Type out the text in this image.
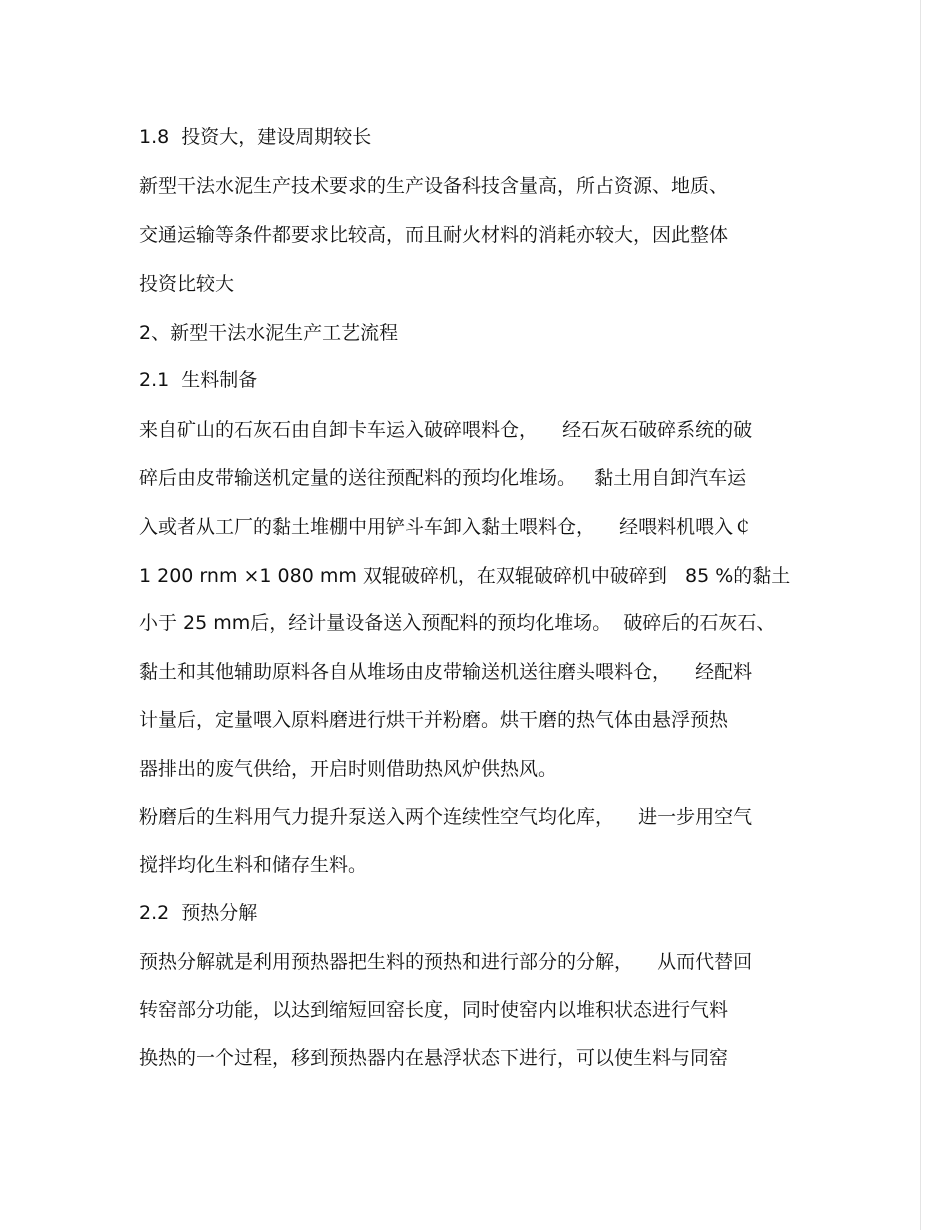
1.8  投资大，建设周期较长
新型干法水泥生产技术要求的生产设备科技含量高，所占资源、地质、
交通运输等条件都要求比较高，而且耐火材料的消耗亦较大，因此整体
投资比较大
2、新型干法水泥生产工艺流程
2.1  生料制备
来自矿山的石灰石由自卸卡车运入破碎喂料仓，    经石灰石破碎系统的破
碎后由皮带输送机定量的送往预配料的预均化堆场。   黏土用自卸汽车运
入或者从工厂的黏土堆棚中用铲斗车卸入黏土喂料仓，    经喂料机喂入￠
1 200 rnm ×1 080 mm 双辊破碎机，在双辊破碎机中破碎到   85 %的黏土
小于 25 mm后，经计量设备送入预配料的预均化堆场。  破碎后的石灰石、
黏土和其他辅助原料各自从堆场由皮带输送机送往磨头喂料仓，    经配料
计量后，定量喂入原料磨进行烘干并粉磨。烘干磨的热气体由悬浮预热
器排出的废气供给，开启时则借助热风炉供热风。
粉磨后的生料用气力提升泵送入两个连续性空气均化库，    进一步用空气
搅拌均化生料和储存生料。
2.2  预热分解
预热分解就是利用预热器把生料的预热和进行部分的分解，    从而代替回
转窑部分功能，以达到缩短回窑长度，同时使窑内以堆积状态进行气料
换热的一个过程，移到预热器内在悬浮状态下进行，可以使生料与同窑
